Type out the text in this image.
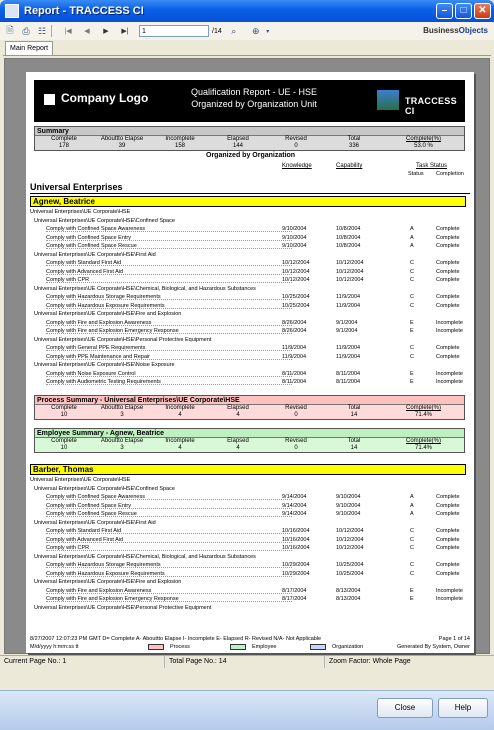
Report - TRACCESS CI	–	□	✕
🗎 ⎙ ☷	|◀	◀	▶	▶|
1	/14	⌕	⊕	▾	BusinessObjects
Main Report
Company Logo	Qualification Report - UE - HSE
Organized by Organization Unit	TRACCESS CI
Summary
Complete	Abouttto Elapse	Incomplete	Elapsed	Revised	Total	Complete(%)
178	39	158	144	0	336	53.0 %
Organized by Organization
Knowledge	Capability	Task Status
Status Completion
Universal Enterprises
Agnew, Beatrice
Universal Enterprises\UE Corporate\HSE
Universal Enterprises\UE Corporate\HSE\Confined Space
Comply with Confined Space Awareness	9/10/2004	10/8/2004	A	Complete
Comply with Confined Space Entry	9/10/2004	10/8/2004	A	Complete
Comply with Confined Space Rescue	9/10/2004	10/8/2004	A	Complete
Universal Enterprises\UE Corporate\HSE\First Aid
Comply with Standard First Aid	10/12/2004	10/12/2004	C	Complete
Comply with Advanced First Aid	10/12/2004	10/12/2004	C	Complete
Comply with CPR	10/12/2004	10/12/2004	C	Complete
Universal Enterprises\UE Corporate\HSE\Chemical, Biological, and Hazardous Substances
Comply with Hazardous Storage Requirements	10/25/2004	11/9/2004	C	Complete
Comply with Hazardous Exposure Requirements	10/25/2004	11/9/2004	C	Complete
Universal Enterprises\UE Corporate\HSE\Fire and Explosion
Comply with Fire and Explosion Awareness	8/26/2004	9/1/2004	E	Incomplete
Comply with Fire and Explosion Emergency Response	8/26/2004	9/1/2004	E	Incomplete
Universal Enterprises\UE Corporate\HSE\Personal Protective Equipment
Comply with General PPE Requirements	11/9/2004	11/9/2004	C	Complete
Comply with PPE Maintenance and Repair	11/9/2004	11/9/2004	C	Complete
Universal Enterprises\UE Corporate\HSE\Noise Exposure
Comply with Noise Exposure Control	8/11/2004	8/11/2004	E	Incomplete
Comply with Audiometric Testing Requirements	8/11/2004	8/11/2004	E	Incomplete
Process Summary - Universal Enterprises\UE Corporate\HSE
Complete	Abouttto Elapse	Incomplete	Elapsed	Revised	Total	Complete(%)
10	3	4	4	0	14	71.4%
Employee Summary - Agnew, Beatrice
Complete	Abouttto Elapse	Incomplete	Elapsed	Revised	Total	Complete(%)
10	3	4	4	0	14	71.4%
Barber, Thomas
Universal Enterprises\UE Corporate\HSE
Universal Enterprises\UE Corporate\HSE\Confined Space
Comply with Confined Space Awareness	9/14/2004	9/10/2004	A	Complete
Comply with Confined Space Entry	9/14/2004	9/10/2004	A	Complete
Comply with Confined Space Rescue	9/14/2004	9/10/2004	A	Complete
Universal Enterprises\UE Corporate\HSE\First Aid
Comply with Standard First Aid	10/16/2004	10/12/2004	C	Complete
Comply with Advanced First Aid	10/16/2004	10/12/2004	C	Complete
Comply with CPR	10/16/2004	10/12/2004	C	Complete
Universal Enterprises\UE Corporate\HSE\Chemical, Biological, and Hazardous Substances
Comply with Hazardous Storage Requirements	10/29/2004	10/25/2004	C	Complete
Comply with Hazardous Exposure Requirements	10/29/2004	10/25/2004	C	Complete
Universal Enterprises\UE Corporate\HSE\Fire and Explosion
Comply with Fire and Explosion Awareness	8/17/2004	8/13/2004	E	Incomplete
Comply with Fire and Explosion Emergency Response	8/17/2004	8/13/2004	E	Incomplete
Universal Enterprises\UE Corporate\HSE\Personal Protective Equipment
8/27/2007 12:07:23 PM GMT D= Complete A- Abouttto Elapse I- Incomplete E- Elapsed R- Revised N/A- Not Applicable	Page 1 of 14
M/d/yyyy h:mm:ss tt	Process	Employee	Organization	Generated By System, Owner
Current Page No.: 1	Total Page No.: 14	Zoom Factor: Whole Page
Close	Help
